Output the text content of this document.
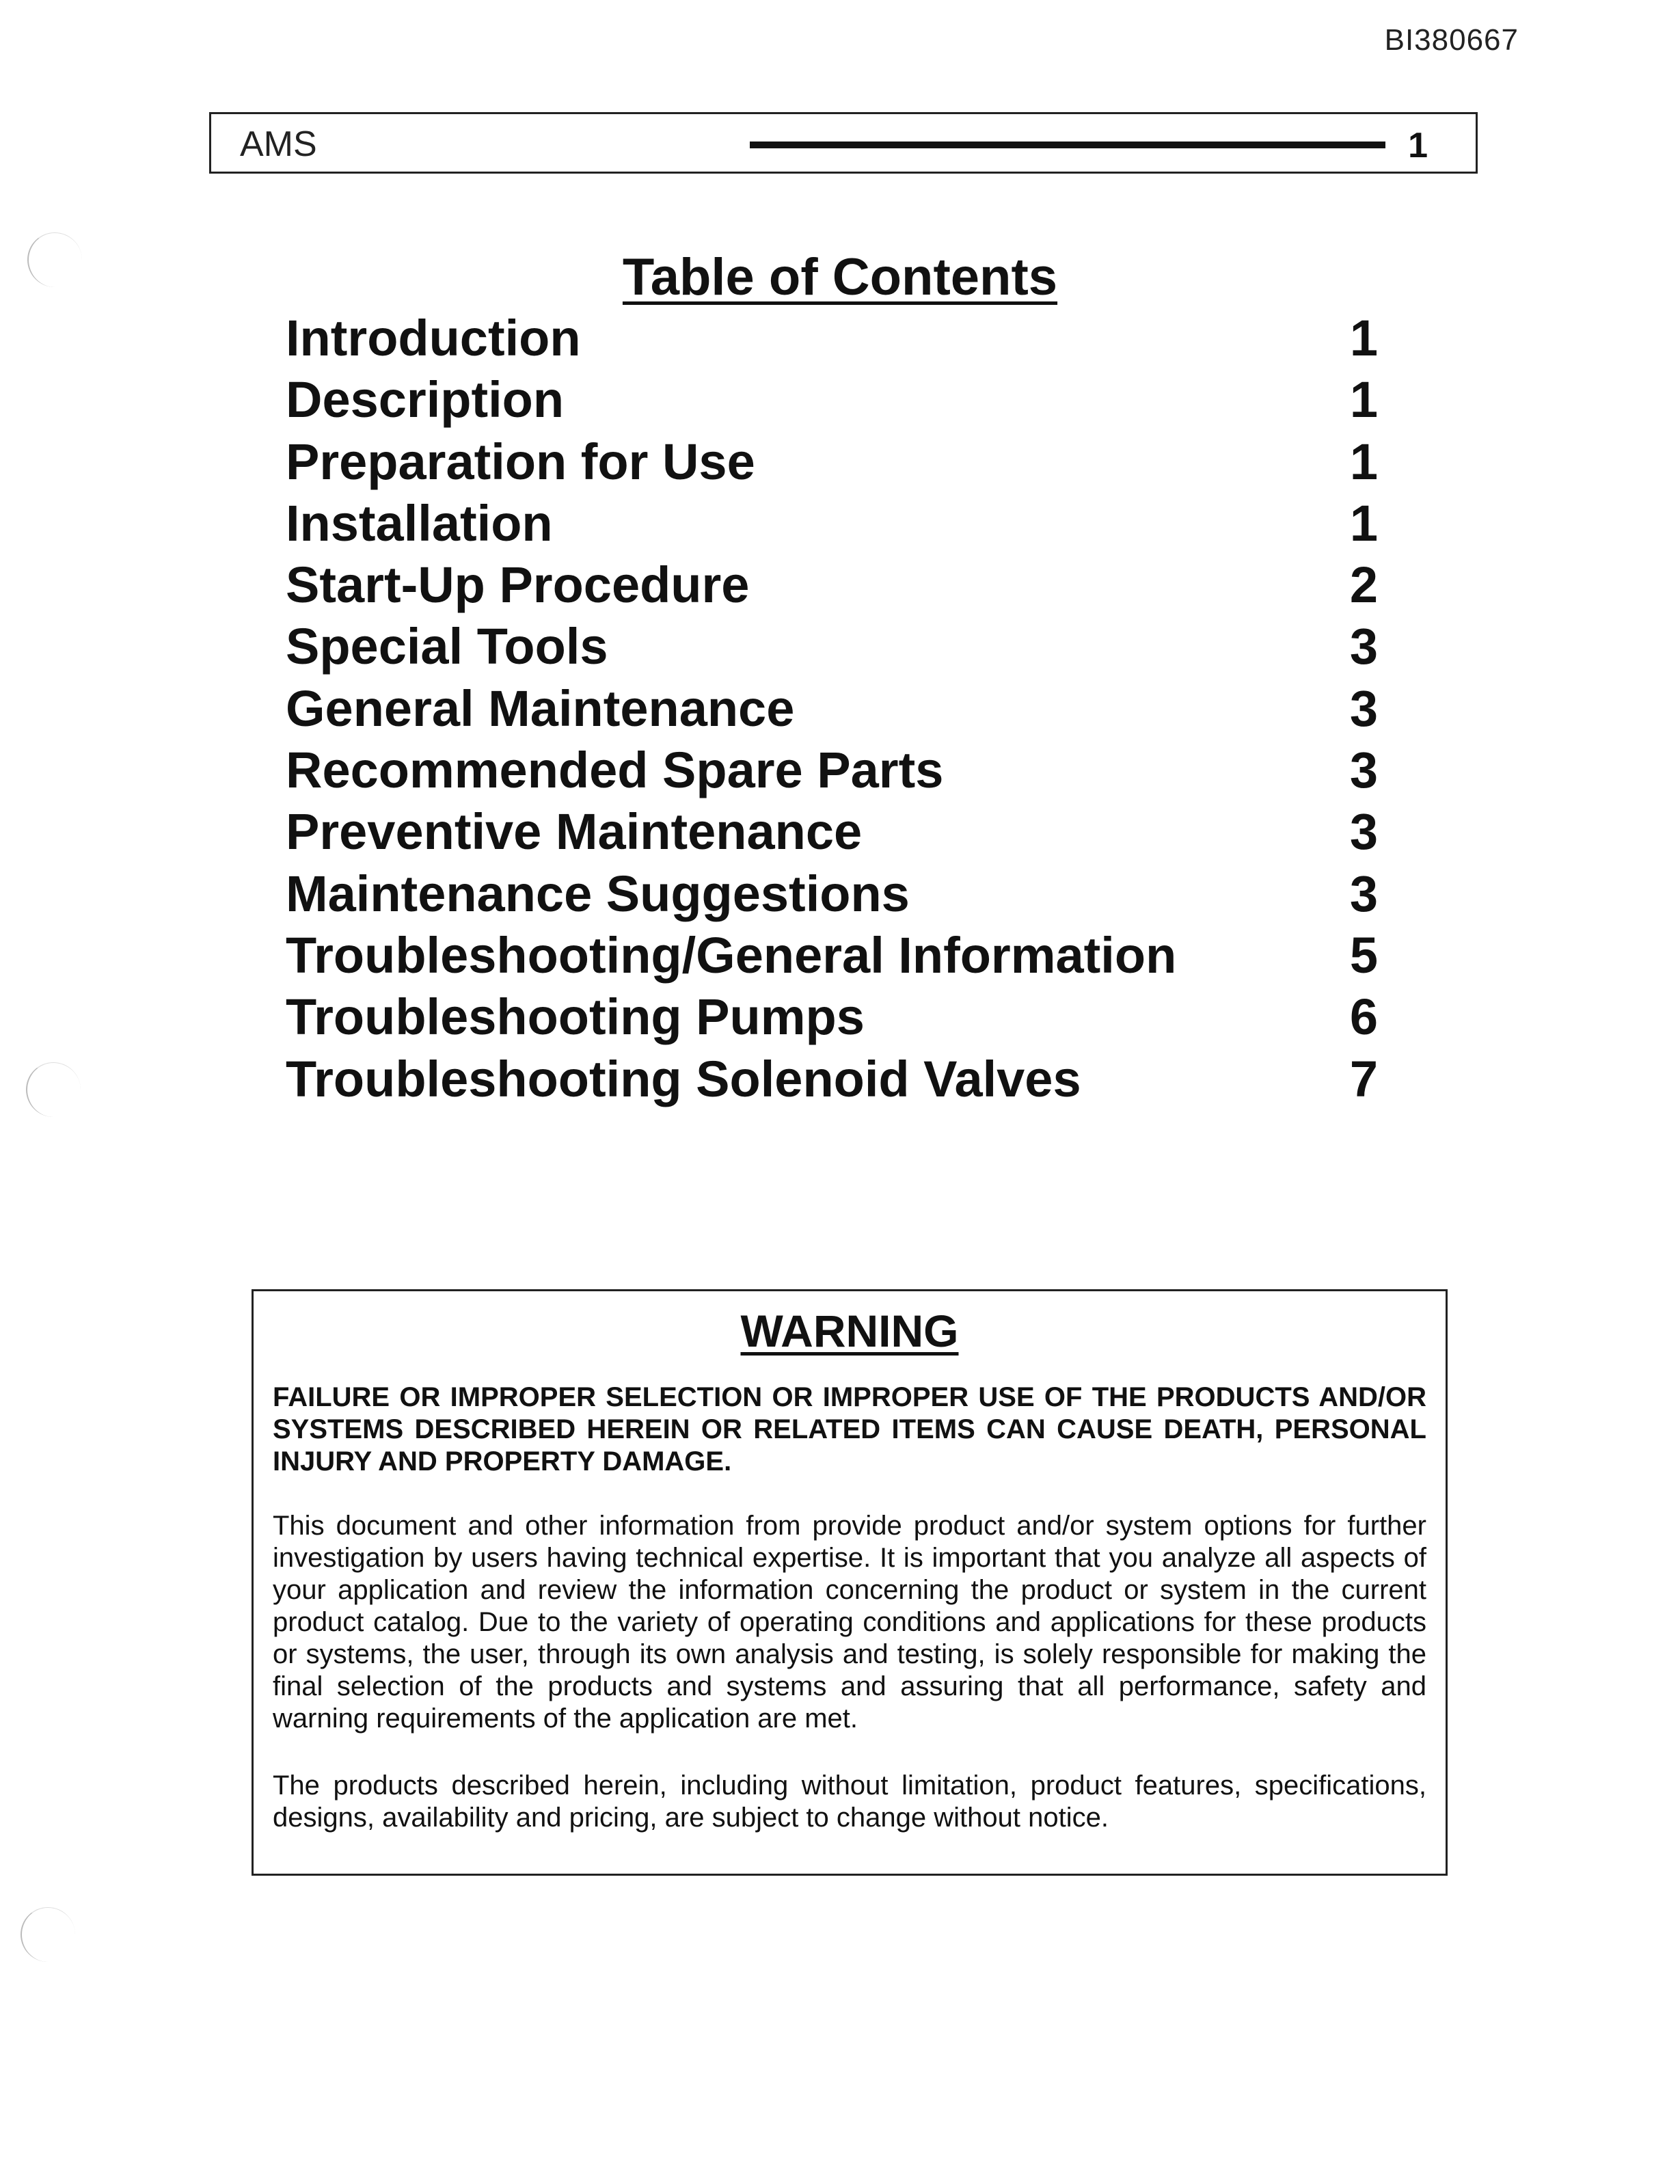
BI380667
AMS	1
Table of Contents
Introduction	1
Description	1
Preparation for Use	1
Installation	1
Start-Up Procedure	2
Special Tools	3
General Maintenance	3
Recommended Spare Parts	3
Preventive Maintenance	3
Maintenance Suggestions	3
Troubleshooting/General Information	5
Troubleshooting Pumps	6
Troubleshooting Solenoid Valves	7
WARNING

FAILURE OR IMPROPER SELECTION OR IMPROPER USE OF THE PRODUCTS AND/OR SYSTEMS DESCRIBED HEREIN OR RELATED ITEMS CAN CAUSE DEATH, PERSONAL INJURY AND PROPERTY DAMAGE.

This document and other information from provide product and/or system options for further investigation by users having technical expertise. It is important that you analyze all aspects of your application and review the information concerning the product or system in the current product catalog. Due to the variety of operating conditions and applications for these products or systems, the user, through its own analysis and testing, is solely responsible for making the final selection of the products and systems and assuring that all performance, safety and warning requirements of the application are met.

The products described herein, including without limitation, product features, specifications, designs, availability and pricing, are subject to change without notice.
